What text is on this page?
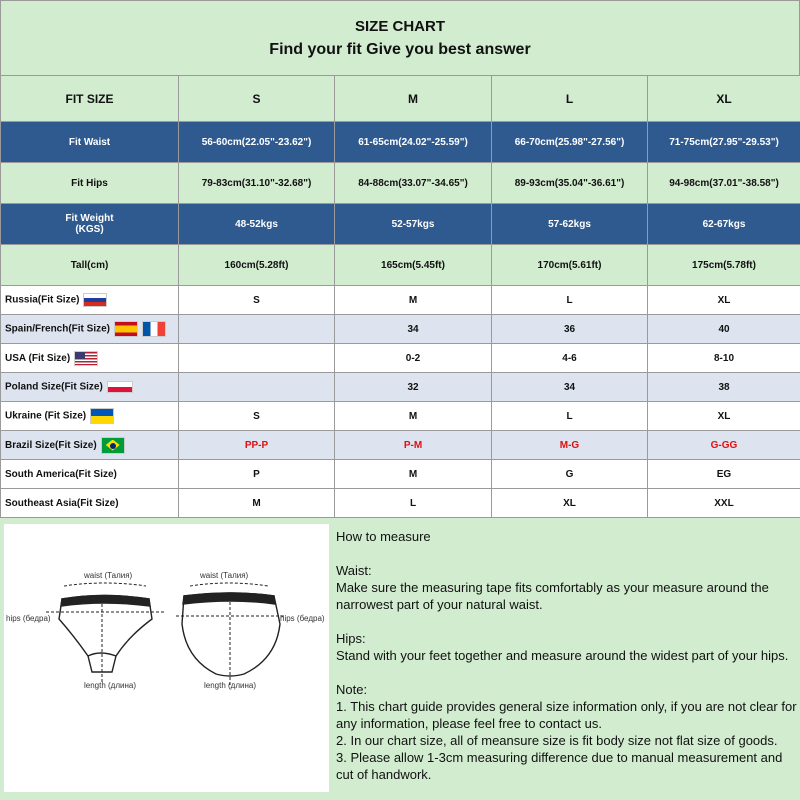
SIZE CHART
Find your fit Give you best answer
FIT SIZE	S	M	L	XL
Fit Waist	56-60cm(22.05"-23.62")	61-65cm(24.02"-25.59")	66-70cm(25.98"-27.56")	71-75cm(27.95"-29.53")
Fit Hips	79-83cm(31.10"-32.68")	84-88cm(33.07"-34.65")	89-93cm(35.04"-36.61")	94-98cm(37.01"-38.58")
Fit Weight
(KGS)	48-52kgs	52-57kgs	57-62kgs	62-67kgs
Tall(cm)	160cm(5.28ft)	165cm(5.45ft)	170cm(5.61ft)	175cm(5.78ft)
Russia(Fit Size)	S	M	L	XL
Spain/French(Fit Size)		34	36	40
USA (Fit Size)		0-2	4-6	8-10
Poland Size(Fit Size)		32	34	38
Ukraine (Fit Size)	S	M	L	XL
Brazil Size(Fit Size)	PP-P	P-M	M-G	G-GG
South America(Fit Size)	P	M	G	EG
Southeast Asia(Fit Size)	M	L	XL	XXL
waist (Талия)	waist (Талия)
hips (бедра)	hips (бедра)
length (длина)	length (длина)

How to measure

Waist:

Make sure the measuring tape fits comfortably as your measure around the narrowest part of your natural waist.

Hips:

Stand with your feet together and measure around the widest part of your hips.

Note:

1. This chart guide provides general size information only, if you are not clear for any information, please feel free to contact us.

2. In our chart size, all of meansure size is fit body size not flat size of goods.

3. Please allow 1-3cm measuring difference due to manual measurement and cut of handwork.
